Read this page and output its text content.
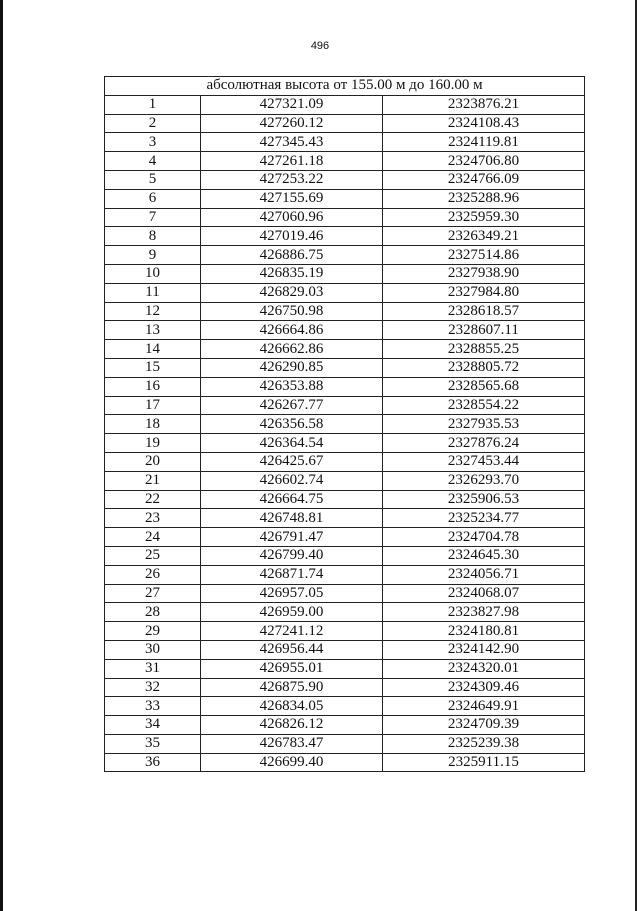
496
абсолютная высота от 155.00 м до 160.00 м		
1	427321.09	2323876.21
2	427260.12	2324108.43
3	427345.43	2324119.81
4	427261.18	2324706.80
5	427253.22	2324766.09
6	427155.69	2325288.96
7	427060.96	2325959.30
8	427019.46	2326349.21
9	426886.75	2327514.86
10	426835.19	2327938.90
11	426829.03	2327984.80
12	426750.98	2328618.57
13	426664.86	2328607.11
14	426662.86	2328855.25
15	426290.85	2328805.72
16	426353.88	2328565.68
17	426267.77	2328554.22
18	426356.58	2327935.53
19	426364.54	2327876.24
20	426425.67	2327453.44
21	426602.74	2326293.70
22	426664.75	2325906.53
23	426748.81	2325234.77
24	426791.47	2324704.78
25	426799.40	2324645.30
26	426871.74	2324056.71
27	426957.05	2324068.07
28	426959.00	2323827.98
29	427241.12	2324180.81
30	426956.44	2324142.90
31	426955.01	2324320.01
32	426875.90	2324309.46
33	426834.05	2324649.91
34	426826.12	2324709.39
35	426783.47	2325239.38
36	426699.40	2325911.15
